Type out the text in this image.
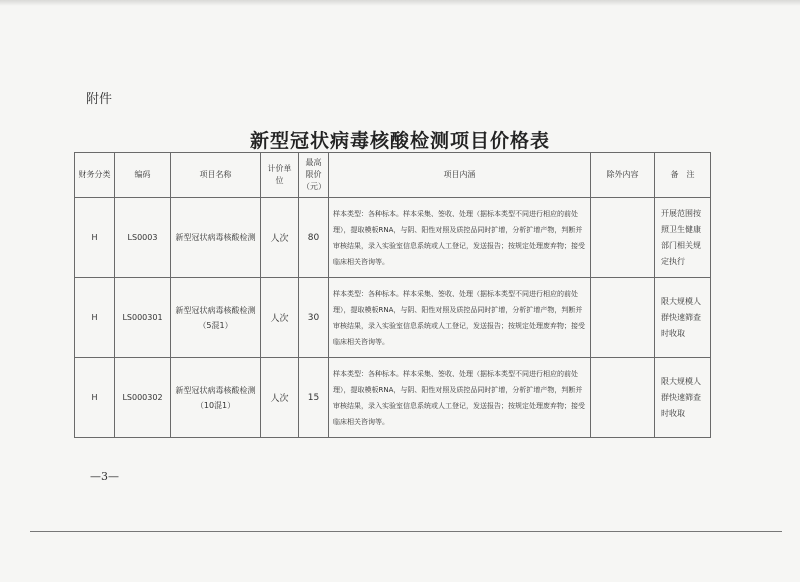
附件
新型冠状病毒核酸检测项目价格表
财务分类	编码	项目名称	计价单位	最高限价（元）	项目内涵	除外内容	备　注
H	LS0003	新型冠状病毒核酸检测	人次	80	样本类型：各种标本。样本采集、签收、处理（据标本类型不同进行相应的前处理），提取模板RNA，与阴、阳性对照及质控品同时扩增，分析扩增产物，判断并审核结果，录入实验室信息系统或人工登记，发送报告；按规定处理废弃物；接受临床相关咨询等。		开展范围按照卫生健康部门相关规定执行
H	LS000301	新型冠状病毒核酸检测（5混1）	人次	30	样本类型：各种标本。样本采集、签收、处理（据标本类型不同进行相应的前处理），提取模板RNA，与阴、阳性对照及质控品同时扩增，分析扩增产物，判断并审核结果，录入实验室信息系统或人工登记，发送报告；按规定处理废弃物；接受临床相关咨询等。		限大规模人群快速筛查时收取
H	LS000302	新型冠状病毒核酸检测（10混1）	人次	15	样本类型：各种标本。样本采集、签收、处理（据标本类型不同进行相应的前处理），提取模板RNA，与阴、阳性对照及质控品同时扩增，分析扩增产物，判断并审核结果，录入实验室信息系统或人工登记，发送报告；按规定处理废弃物；接受临床相关咨询等。		限大规模人群快速筛查时收取
—3—
